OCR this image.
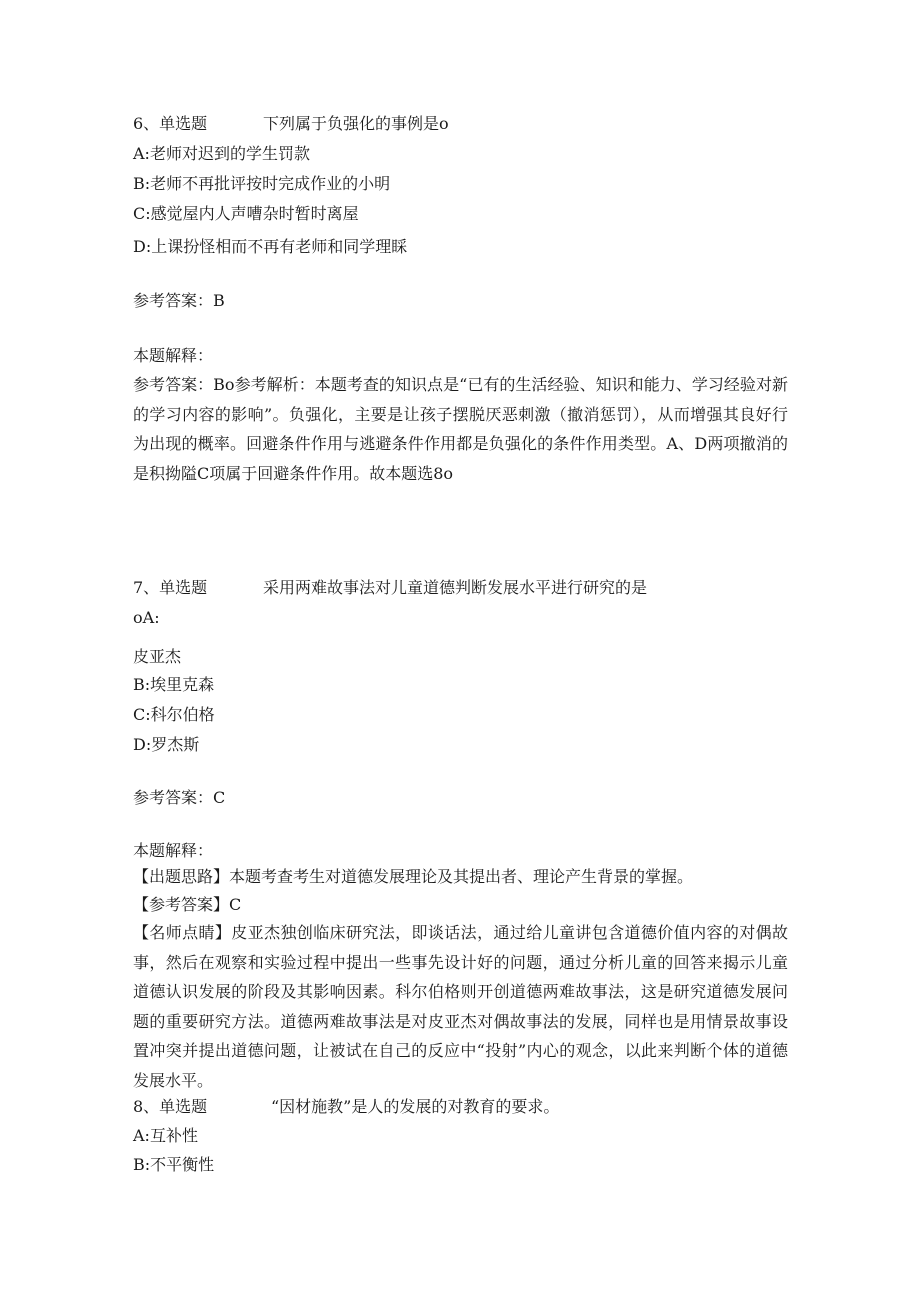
6、单选题	下列属于负强化的事例是ο
A:老师对迟到的学生罚款
B:老师不再批评按时完成作业的小明
C:感觉屋内人声嘈杂时暂时离屋
D:上课扮怪相而不再有老师和同学理睬
参考答案：B
本题解释：
参考答案：Bo参考解析：本题考查的知识点是“已有的生活经验、知识和能力、学习经验对新的学习内容的影响”。负强化，主要是让孩子摆脱厌恶刺激（撤消惩罚），从而增强其良好行为出现的概率。回避条件作用与逃避条件作用都是负强化的条件作用类型。A、D两项撤消的是积拗隘C项属于回避条件作用。故本题选8o
7、单选题	采用两难故事法对儿童道德判断发展水平进行研究的是
oA:
皮亚杰
B:埃里克森
C:科尔伯格
D:罗杰斯
参考答案：C
本题解释：
【出题思路】本题考查考生对道德发展理论及其提出者、理论产生背景的掌握。
【参考答案】C
【名师点睛】皮亚杰独创临床研究法，即谈话法，通过给儿童讲包含道德价值内容的对偶故事，然后在观察和实验过程中提出一些事先设计好的问题，通过分析儿童的回答来揭示儿童道德认识发展的阶段及其影响因素。科尔伯格则开创道德两难故事法，这是研究道德发展问题的重要研究方法。道德两难故事法是对皮亚杰对偶故事法的发展，同样也是用情景故事设置冲突并提出道德问题，让被试在自己的反应中“投射”内心的观念，以此来判断个体的道德发展水平。
8、单选题	“因材施教”是人的发展的对教育的要求。
A:互补性
B:不平衡性
